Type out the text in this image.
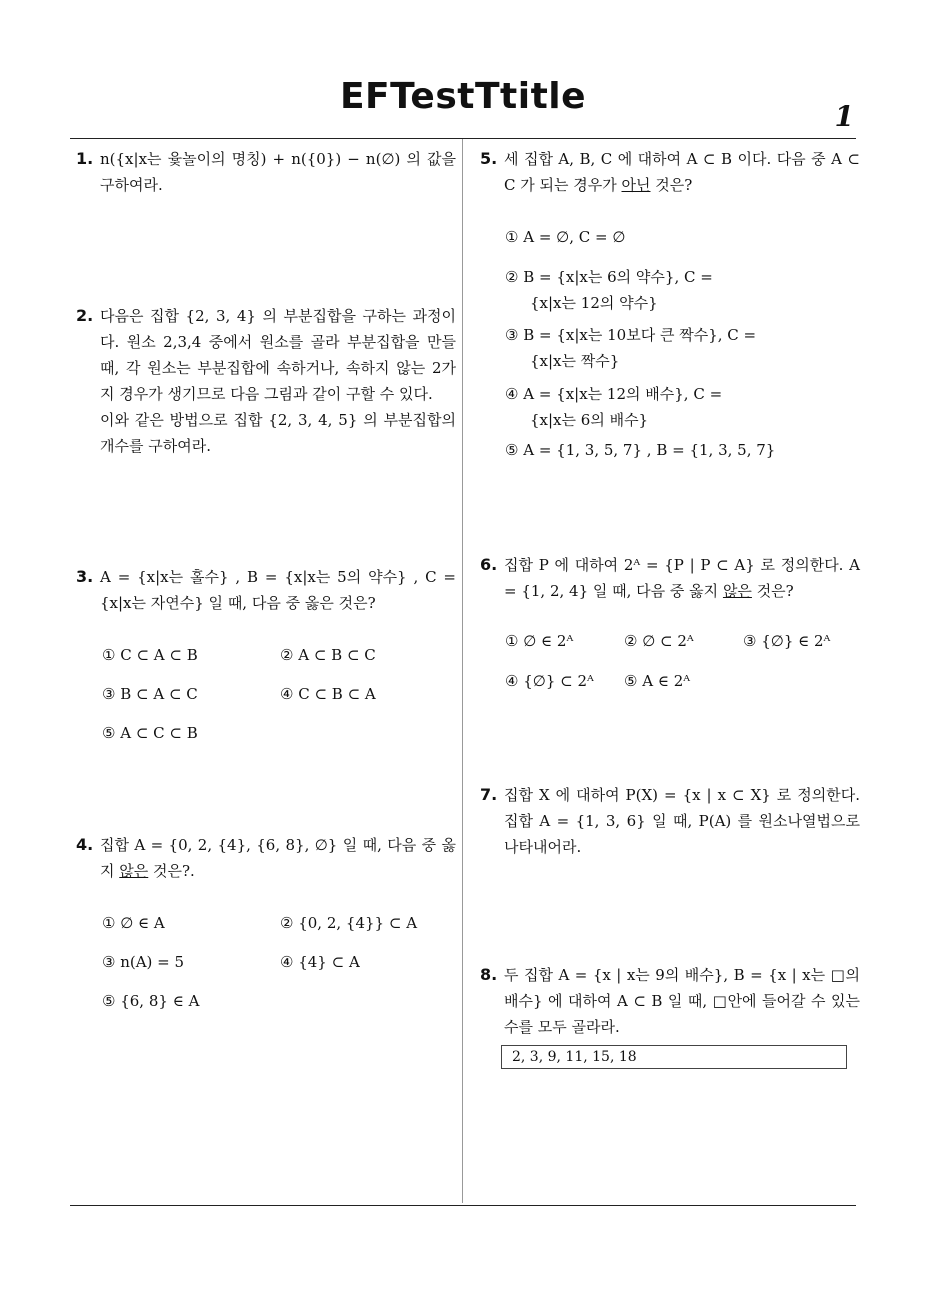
EFTestTtitle	1
1. n({x|x는 윷놀이의 명칭) + n({0}) − n(∅) 의 값을 구하여라.
2. 다음은 집합 {2, 3, 4} 의 부분집합을 구하는 과정이다. 원소 2,3,4 중에서 원소를 골라 부분집합을 만들 때, 각 원소는 부분집합에 속하거나, 속하지 않는 2가지 경우가 생기므로 다음 그림과 같이 구할 수 있다.
이와 같은 방법으로 집합 {2, 3, 4, 5} 의 부분집합의 개수를 구하여라.
3. A = {x|x는 홀수} , B = {x|x는 5의 약수} , C = {x|x는 자연수} 일 때, 다음 중 옳은 것은?
① C ⊂ A ⊂ B	② A ⊂ B ⊂ C
③ B ⊂ A ⊂ C	④ C ⊂ B ⊂ A
⑤ A ⊂ C ⊂ B
4. 집합 A = {0, 2, {4}, {6, 8}, ∅} 일 때, 다음 중 옳지 않은 것은?.
① ∅ ∈ A	② {0, 2, {4}} ⊂ A
③ n(A) = 5	④ {4} ⊂ A
⑤ {6, 8} ∈ A
5. 세 집합 A, B, C 에 대하여 A ⊂ B 이다. 다음 중 A ⊂ C 가 되는 경우가 아닌 것은?
① A = ∅, C = ∅
② B = {x|x는 6의 약수}, C =
{x|x는 12의 약수}
③ B = {x|x는 10보다 큰 짝수}, C =
{x|x는 짝수}
④ A = {x|x는 12의 배수}, C =
{x|x는 6의 배수}
⑤ A = {1, 3, 5, 7} , B = {1, 3, 5, 7}
6. 집합 P 에 대하여 2ᴬ = {P | P ⊂ A} 로 정의한다. A = {1, 2, 4} 일 때, 다음 중 옳지 않은 것은?
① ∅ ∈ 2ᴬ	② ∅ ⊂ 2ᴬ	③ {∅} ∈ 2ᴬ
④ {∅} ⊂ 2ᴬ ⑤ A ∈ 2ᴬ
7. 집합 X 에 대하여 P(X) = {x | x ⊂ X} 로 정의한다. 집합 A = {1, 3, 6} 일 때, P(A) 를 원소나열법으로 나타내어라.
8. 두 집합 A = {x | x는 9의 배수}, B = {x | x는 □의 배수} 에 대하여 A ⊂ B 일 때, □안에 들어갈 수 있는 수를 모두 골라라.
2, 3, 9, 11, 15, 18
